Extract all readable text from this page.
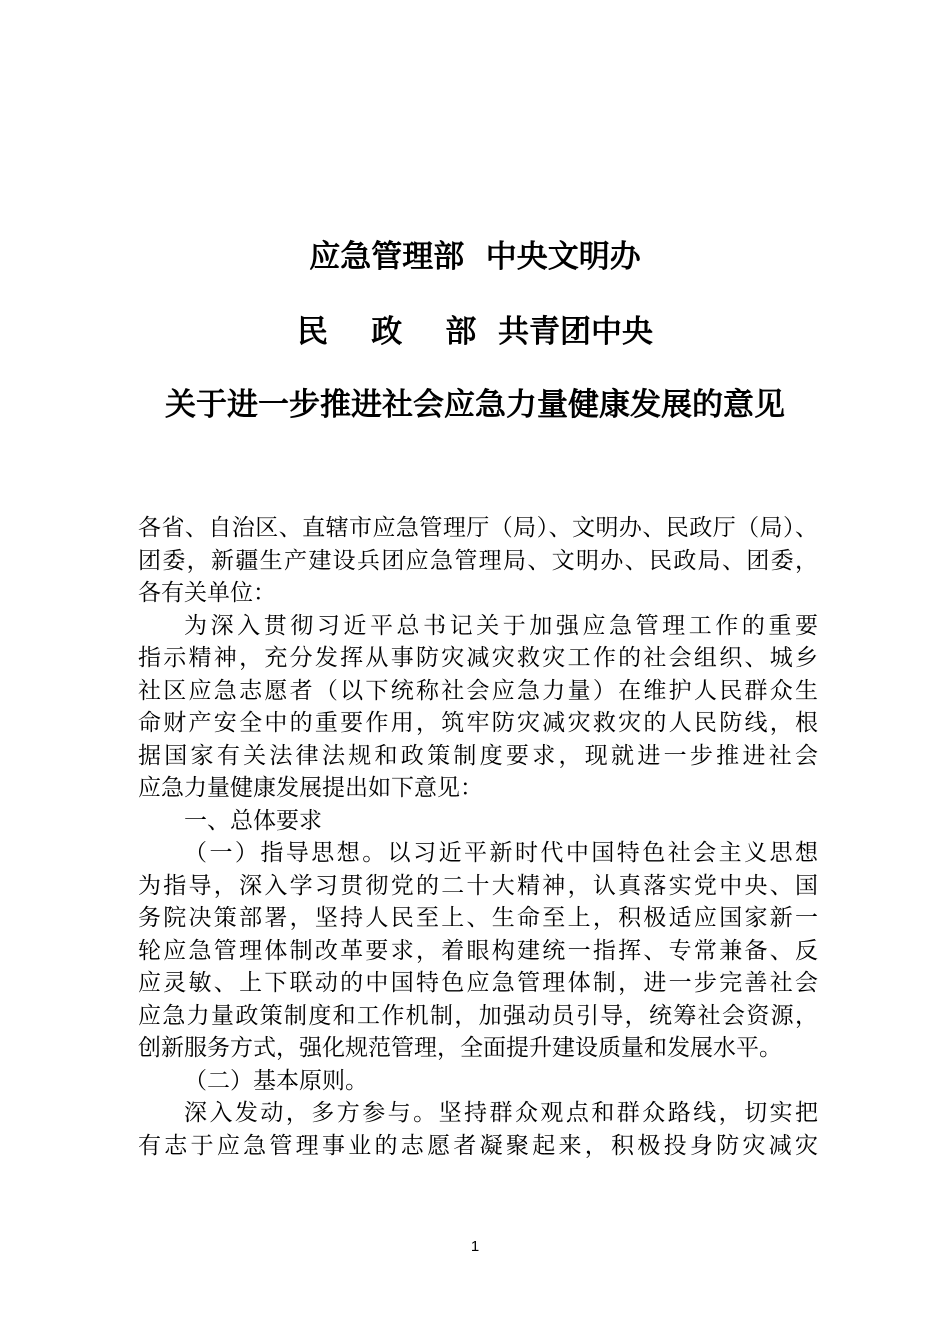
应急管理部  中央文明办
民    政    部  共青团中央
关于进一步推进社会应急力量健康发展的意见
各省、自治区、直辖市应急管理厅（局）、文明办、民政厅（局）、
团委，新疆生产建设兵团应急管理局、文明办、民政局、团委，
各有关单位：
为深入贯彻习近平总书记关于加强应急管理工作的重要
指示精神，充分发挥从事防灾减灾救灾工作的社会组织、城乡
社区应急志愿者（以下统称社会应急力量）在维护人民群众生
命财产安全中的重要作用，筑牢防灾减灾救灾的人民防线，根
据国家有关法律法规和政策制度要求，现就进一步推进社会
应急力量健康发展提出如下意见：
一、总体要求
（一）指导思想。以习近平新时代中国特色社会主义思想
为指导，深入学习贯彻党的二十大精神，认真落实党中央、国
务院决策部署，坚持人民至上、生命至上，积极适应国家新一
轮应急管理体制改革要求，着眼构建统一指挥、专常兼备、反
应灵敏、上下联动的中国特色应急管理体制，进一步完善社会
应急力量政策制度和工作机制，加强动员引导，统筹社会资源，
创新服务方式，强化规范管理，全面提升建设质量和发展水平。
（二）基本原则。
深入发动，多方参与。坚持群众观点和群众路线，切实把
有志于应急管理事业的志愿者凝聚起来，积极投身防灾减灾
1
